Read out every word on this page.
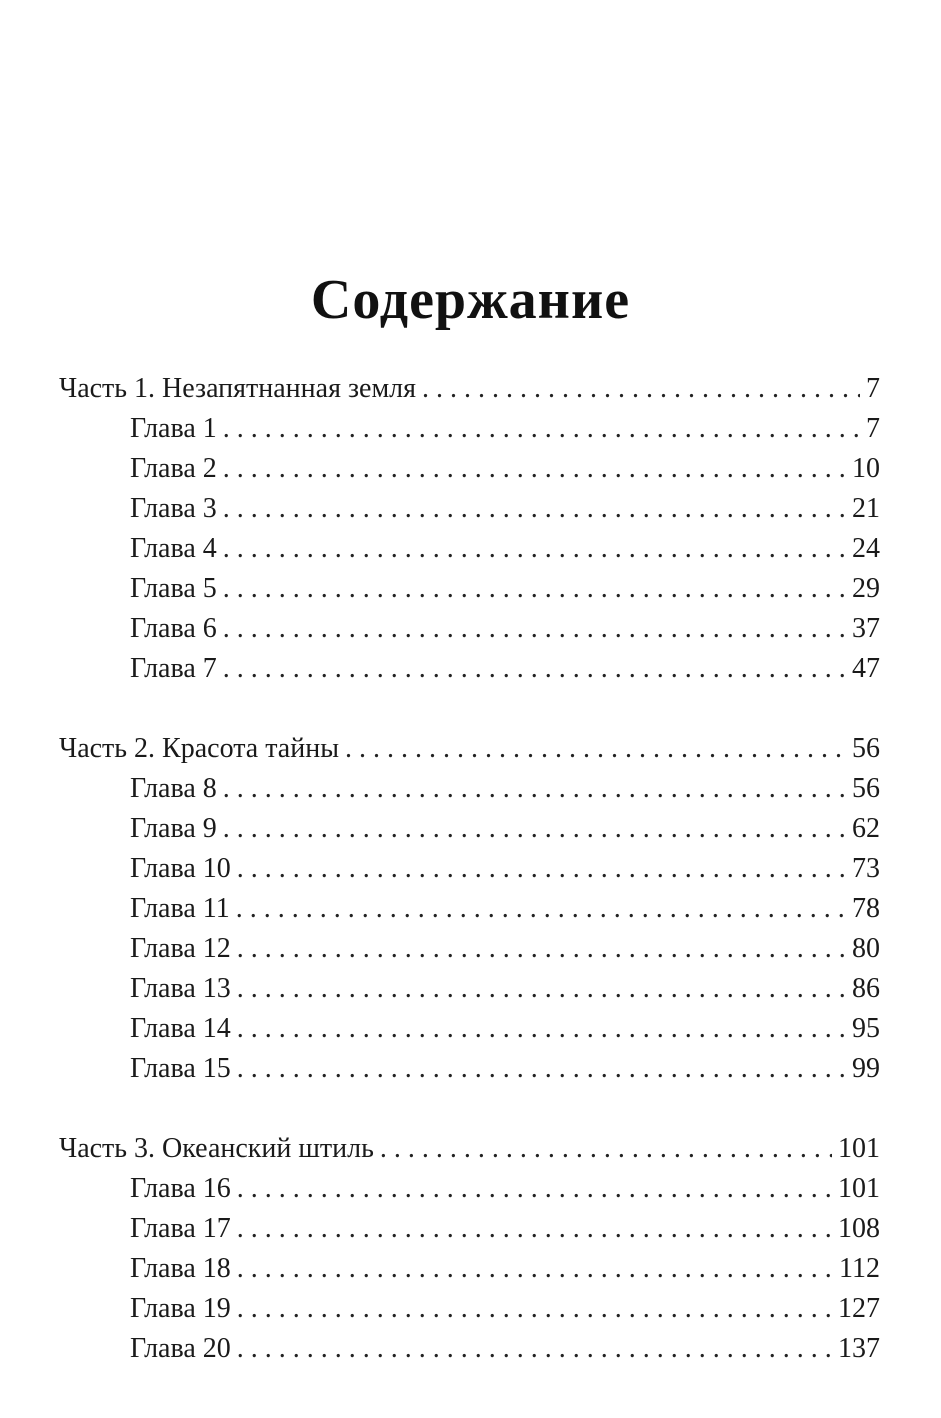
Содержание
Часть 1. Незапятнанная земля . . .	7
Глава 1 . . .	7
Глава 2 . . .	10
Глава 3 . . .	21
Глава 4 . . .	24
Глава 5 . . .	29
Глава 6 . . .	37
Глава 7 . . .	47
Часть 2. Красота тайны . . .	56
Глава 8 . . .	56
Глава 9 . . .	62
Глава 10 . . .	73
Глава 11 . . .	78
Глава 12 . . .	80
Глава 13 . . .	86
Глава 14 . . .	95
Глава 15 . . .	99
Часть 3. Океанский штиль . . .	101
Глава 16 . . .	101
Глава 17 . . .	108
Глава 18 . . .	112
Глава 19 . . .	127
Глава 20 . . .	137
